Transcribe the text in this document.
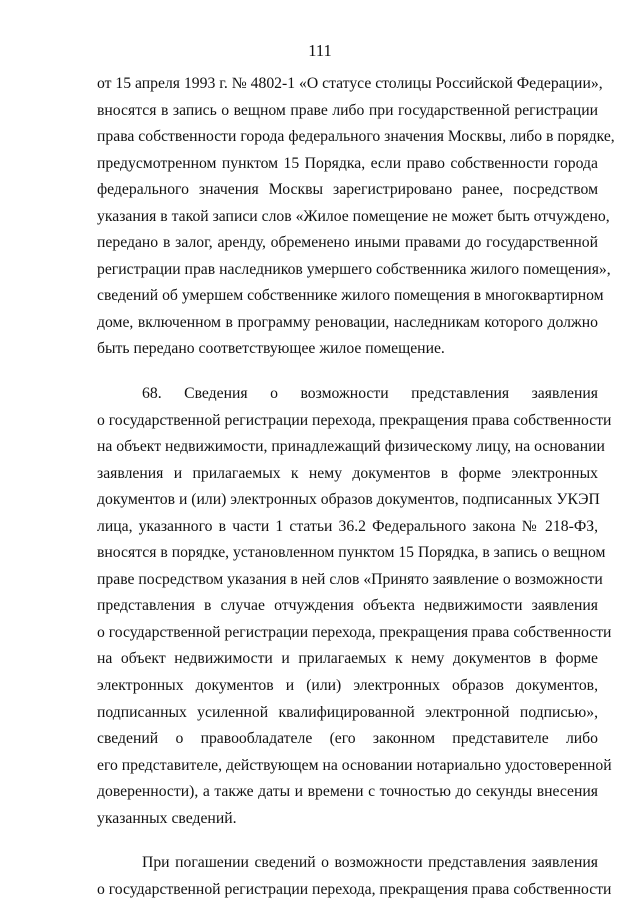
111
от 15 апреля 1993 г. № 4802-1 «О статусе столицы Российской Федерации»,
вносятся в запись о вещном праве либо при государственной регистрации
права собственности города федерального значения Москвы, либо в порядке,
предусмотренном пунктом 15 Порядка, если право собственности города
федерального значения Москвы зарегистрировано ранее, посредством
указания в такой записи слов «Жилое помещение не может быть отчуждено,
передано в залог, аренду, обременено иными правами до государственной
регистрации прав наследников умершего собственника жилого помещения»,
сведений об умершем собственнике жилого помещения в многоквартирном
доме, включенном в программу реновации, наследникам которого должно
быть передано соответствующее жилое помещение.
68. Сведения о возможности представления заявления
о государственной регистрации перехода, прекращения права собственности
на объект недвижимости, принадлежащий физическому лицу, на основании
заявления и прилагаемых к нему документов в форме электронных
документов и (или) электронных образов документов, подписанных УКЭП
лица, указанного в части 1 статьи 36.2 Федерального закона № 218-ФЗ,
вносятся в порядке, установленном пунктом 15 Порядка, в запись о вещном
праве посредством указания в ней слов «Принято заявление о возможности
представления в случае отчуждения объекта недвижимости заявления
о государственной регистрации перехода, прекращения права собственности
на объект недвижимости и прилагаемых к нему документов в форме
электронных документов и (или) электронных образов документов,
подписанных усиленной квалифицированной электронной подписью»,
сведений о правообладателе (его законном представителе либо
его представителе, действующем на основании нотариально удостоверенной
доверенности), а также даты и времени с точностью до секунды внесения
указанных сведений.
При погашении сведений о возможности представления заявления
о государственной регистрации перехода, прекращения права собственности
